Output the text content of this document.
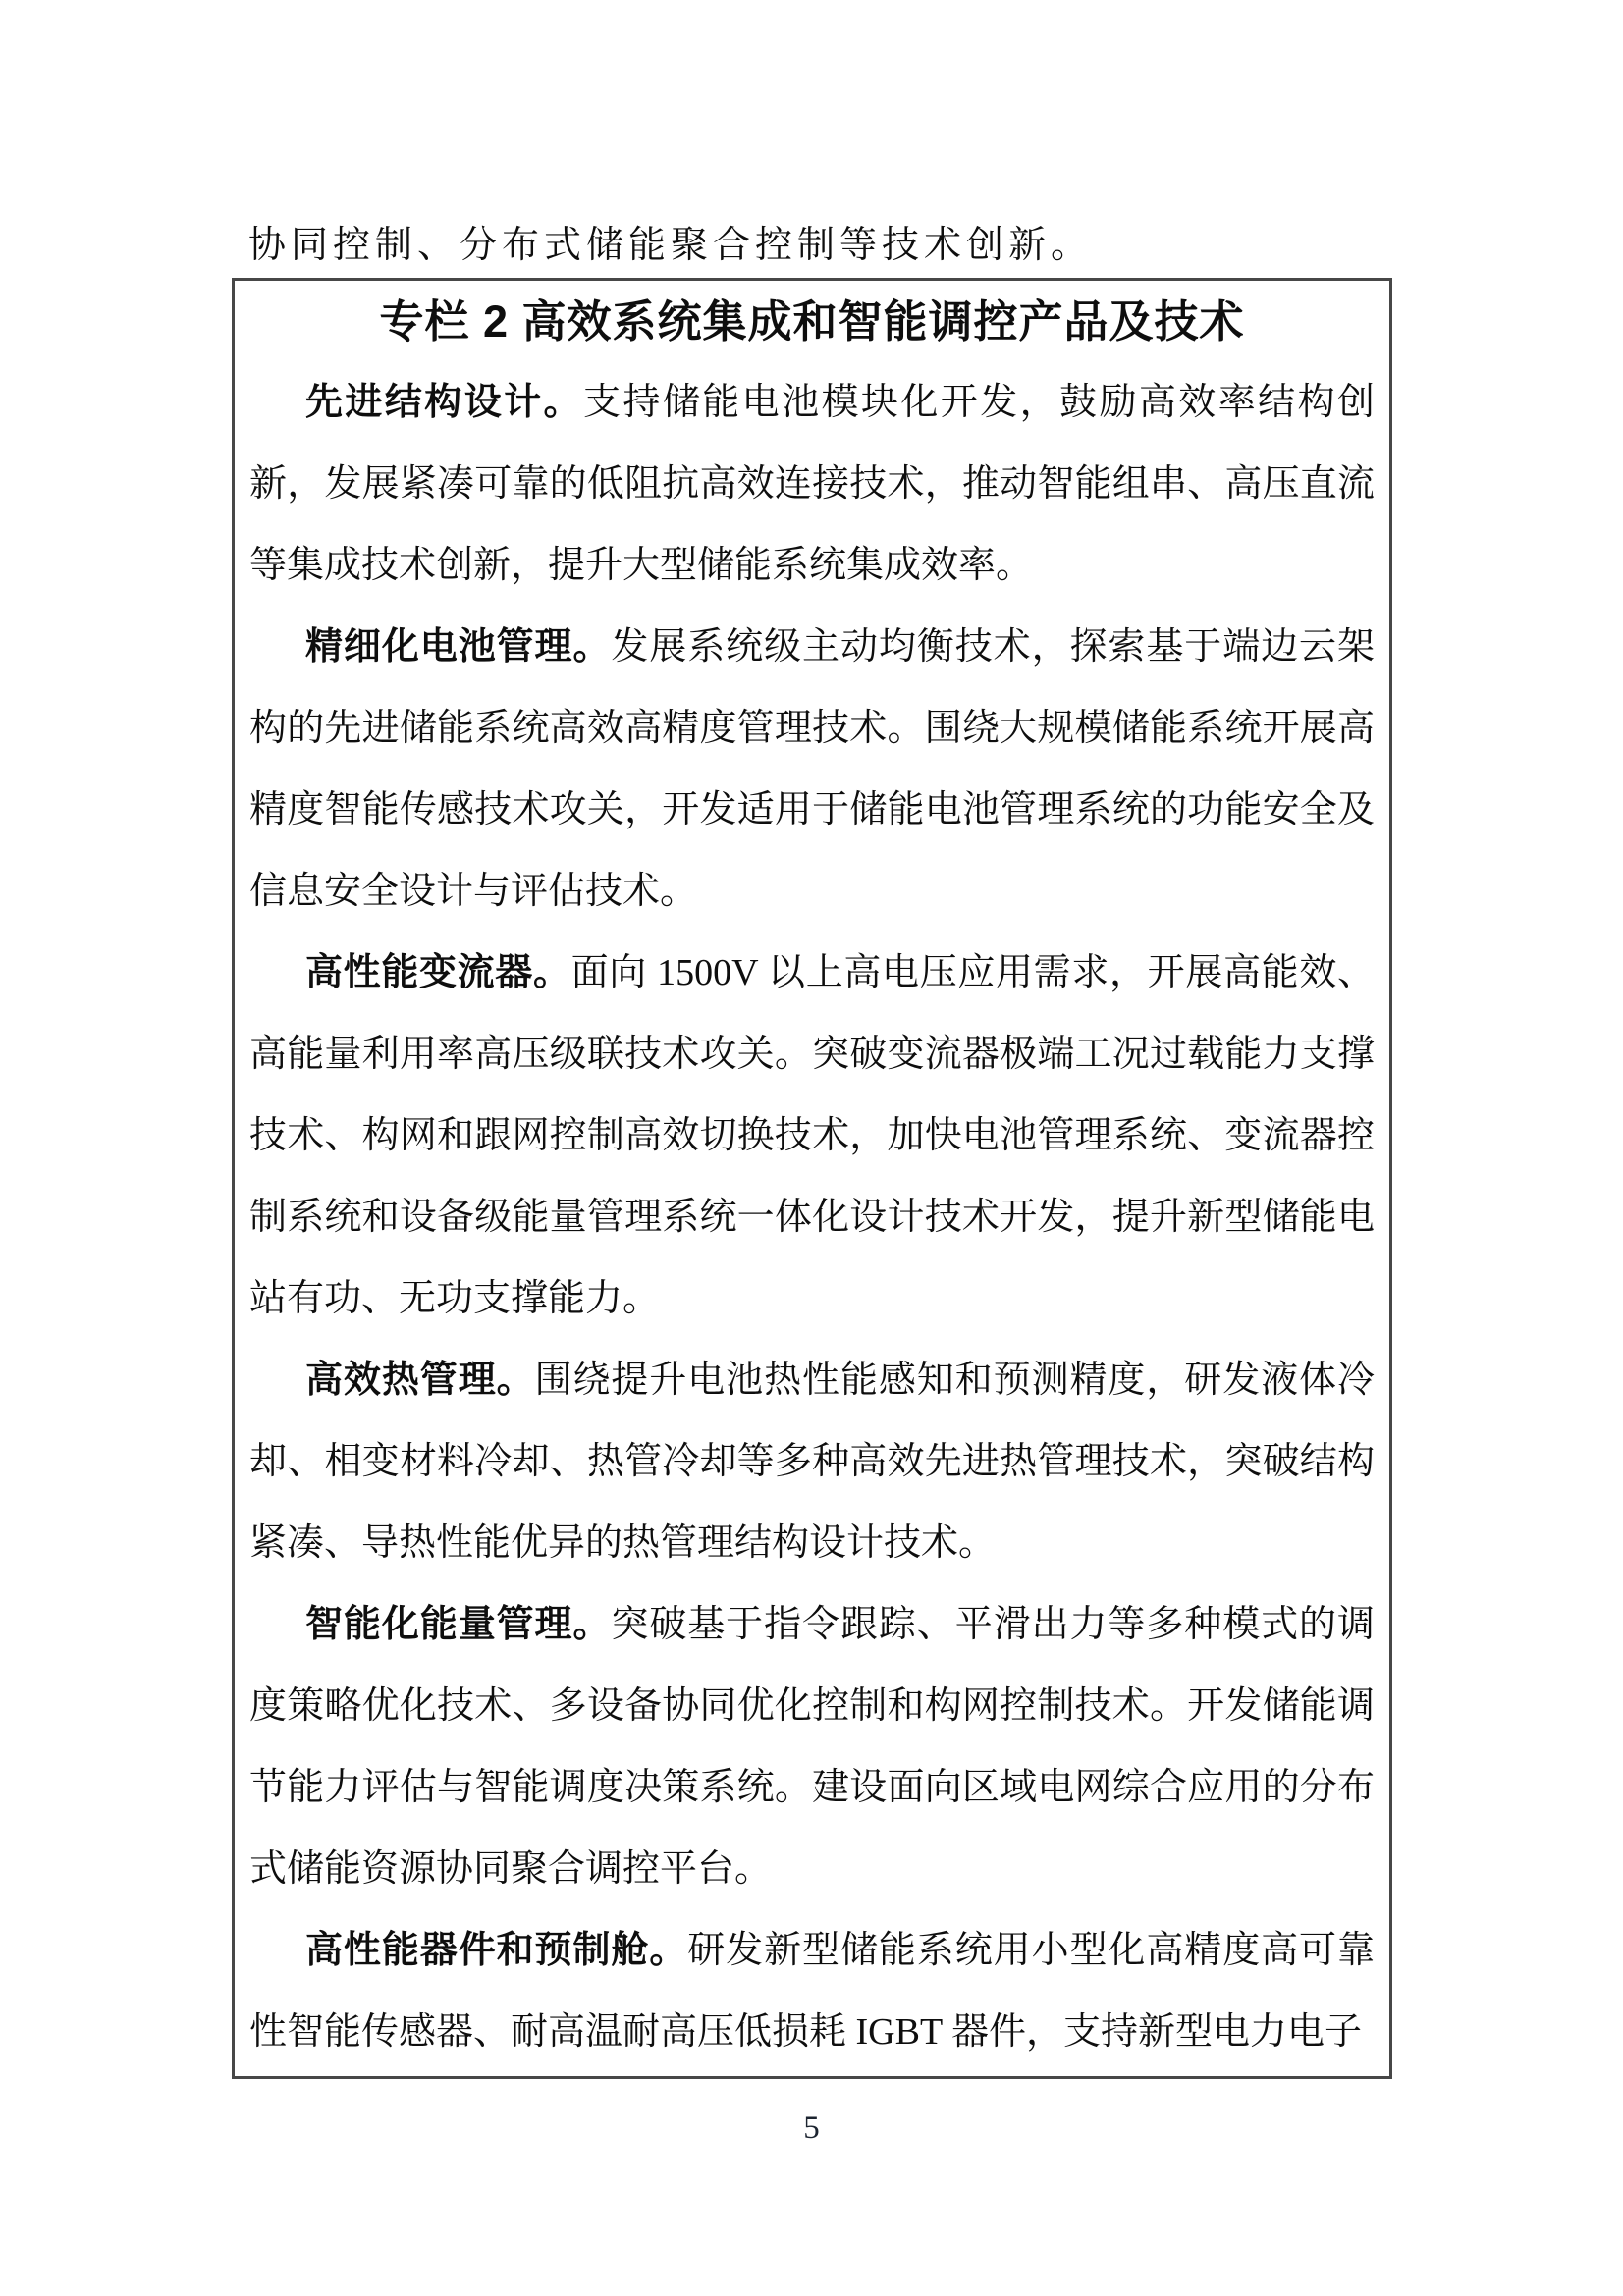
协同控制、分布式储能聚合控制等技术创新。

专栏 2 高效系统集成和智能调控产品及技术

先进结构设计。支持储能电池模块化开发，鼓励高效率结构创新，发展紧凑可靠的低阻抗高效连接技术，推动智能组串、高压直流等集成技术创新，提升大型储能系统集成效率。

精细化电池管理。发展系统级主动均衡技术，探索基于端边云架构的先进储能系统高效高精度管理技术。围绕大规模储能系统开展高精度智能传感技术攻关，开发适用于储能电池管理系统的功能安全及信息安全设计与评估技术。

高性能变流器。面向 1500V 以上高电压应用需求，开展高能效、高能量利用率高压级联技术攻关。突破变流器极端工况过载能力支撑技术、构网和跟网控制高效切换技术，加快电池管理系统、变流器控制系统和设备级能量管理系统一体化设计技术开发，提升新型储能电站有功、无功支撑能力。

高效热管理。围绕提升电池热性能感知和预测精度，研发液体冷却、相变材料冷却、热管冷却等多种高效先进热管理技术，突破结构紧凑、导热性能优异的热管理结构设计技术。

智能化能量管理。突破基于指令跟踪、平滑出力等多种模式的调度策略优化技术、多设备协同优化控制和构网控制技术。开发储能调节能力评估与智能调度决策系统。建设面向区域电网综合应用的分布式储能资源协同聚合调控平台。

高性能器件和预制舱。研发新型储能系统用小型化高精度高可靠性智能传感器、耐高温耐高压低损耗 IGBT 器件，支持新型电力电子

5
